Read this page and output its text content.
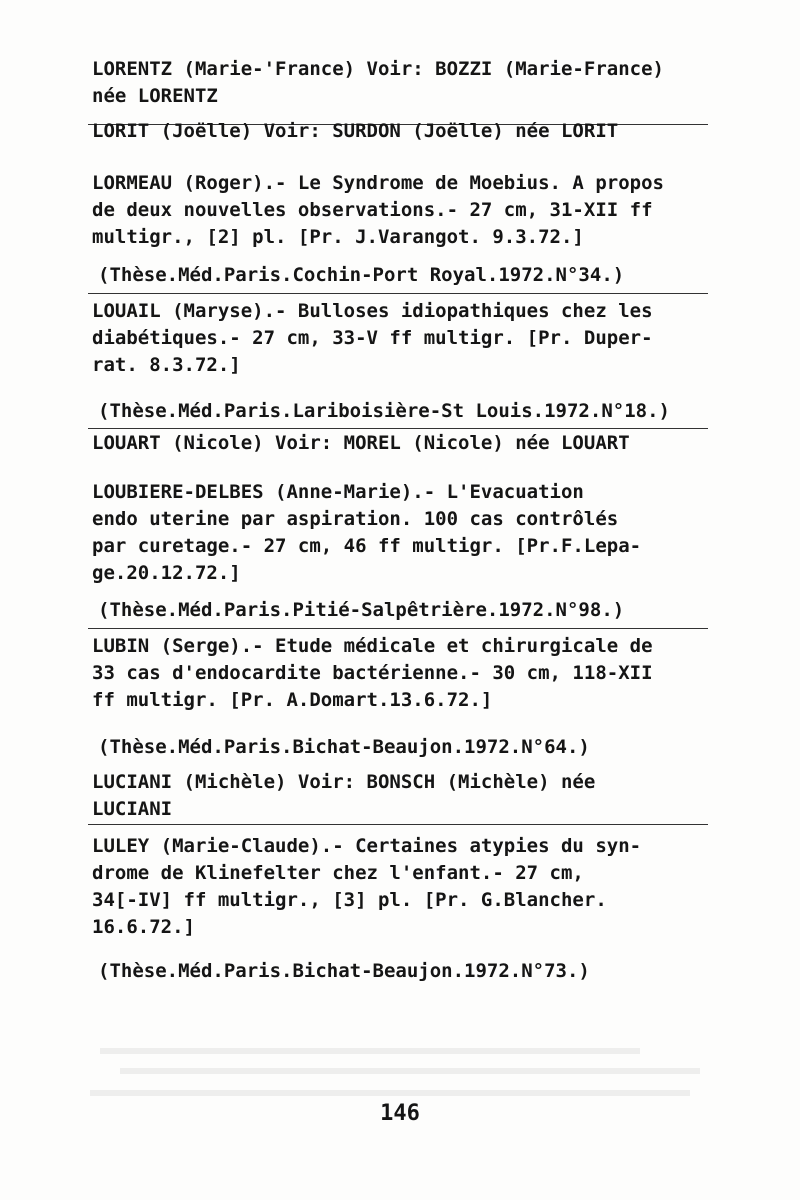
LORENTZ (Marie-'France) Voir: BOZZI (Marie-France)
née LORENTZ

LORIT (Joëlle) Voir: SURDON (Joëlle) née LORIT

LORMEAU (Roger).- Le Syndrome de Moebius. A propos
de deux nouvelles observations.- 27 cm, 31-XII ff
multigr., [2] pl. [Pr. J.Varangot. 9.3.72.]

(Thèse.Méd.Paris.Cochin-Port Royal.1972.N°34.)

LOUAIL (Maryse).- Bulloses idiopathiques chez les
diabétiques.- 27 cm, 33-V ff multigr. [Pr. Duper-
rat. 8.3.72.]

(Thèse.Méd.Paris.Lariboisière-St Louis.1972.N°18.)

LOUART (Nicole) Voir: MOREL (Nicole) née LOUART

LOUBIERE-DELBES (Anne-Marie).- L'Evacuation
endo uterine par aspiration. 100 cas contrôlés
par curetage.- 27 cm, 46 ff multigr. [Pr.F.Lepa-
ge.20.12.72.]

(Thèse.Méd.Paris.Pitié-Salpêtrière.1972.N°98.)

LUBIN (Serge).- Etude médicale et chirurgicale de
33 cas d'endocardite bactérienne.- 30 cm, 118-XII
ff multigr. [Pr. A.Domart.13.6.72.]

(Thèse.Méd.Paris.Bichat-Beaujon.1972.N°64.)

LUCIANI (Michèle) Voir: BONSCH (Michèle) née
LUCIANI

LULEY (Marie-Claude).- Certaines atypies du syn-
drome de Klinefelter chez l'enfant.- 27 cm,
34[-IV] ff multigr., [3] pl. [Pr. G.Blancher.
16.6.72.]

(Thèse.Méd.Paris.Bichat-Beaujon.1972.N°73.)

146
